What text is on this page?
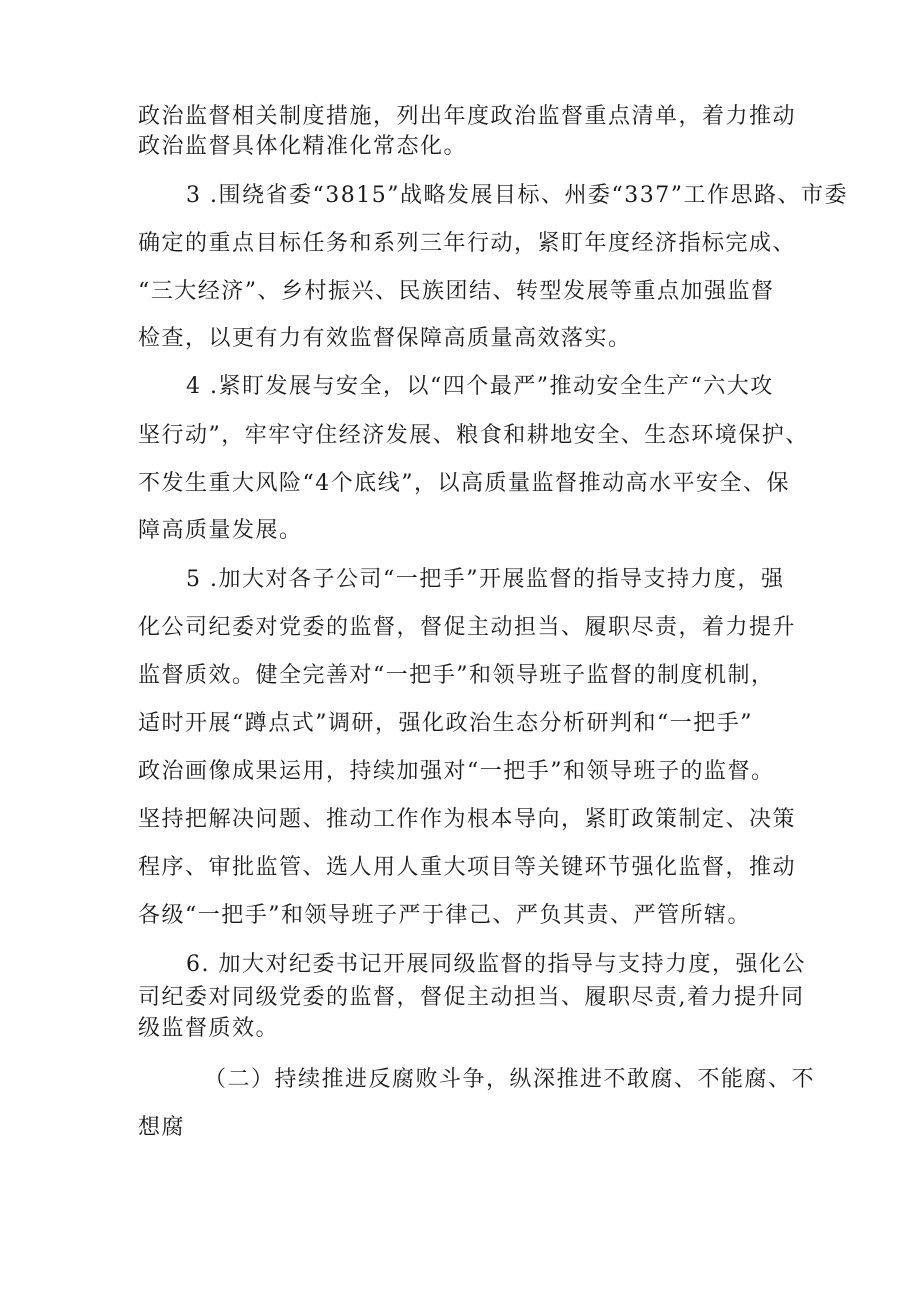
政治监督相关制度措施，列出年度政治监督重点清单，着力推动
政治监督具体化精准化常态化。
3 .围绕省委“3815”战略发展目标、州委“337”工作思路、市委
确定的重点目标任务和系列三年行动，紧盯年度经济指标完成、
“三大经济”、乡村振兴、民族团结、转型发展等重点加强监督
检查，以更有力有效监督保障高质量高效落实。
4 .紧盯发展与安全，以“四个最严”推动安全生产“六大攻
坚行动”，牢牢守住经济发展、粮食和耕地安全、生态环境保护、
不发生重大风险“4个底线”，以高质量监督推动高水平安全、保
障高质量发展。
5 .加大对各子公司“一把手”开展监督的指导支持力度，强
化公司纪委对党委的监督，督促主动担当、履职尽责，着力提升
监督质效。健全完善对“一把手”和领导班子监督的制度机制，
适时开展“蹲点式”调研，强化政治生态分析研判和“一把手”
政治画像成果运用，持续加强对“一把手”和领导班子的监督。
坚持把解决问题、推动工作作为根本导向，紧盯政策制定、决策
程序、审批监管、选人用人重大项目等关键环节强化监督，推动
各级“一把手”和领导班子严于律己、严负其责、严管所辖。
6. 加大对纪委书记开展同级监督的指导与支持力度，强化公
司纪委对同级党委的监督，督促主动担当、履职尽责,着力提升同
级监督质效。
（二）持续推进反腐败斗争，纵深推进不敢腐、不能腐、不
想腐
